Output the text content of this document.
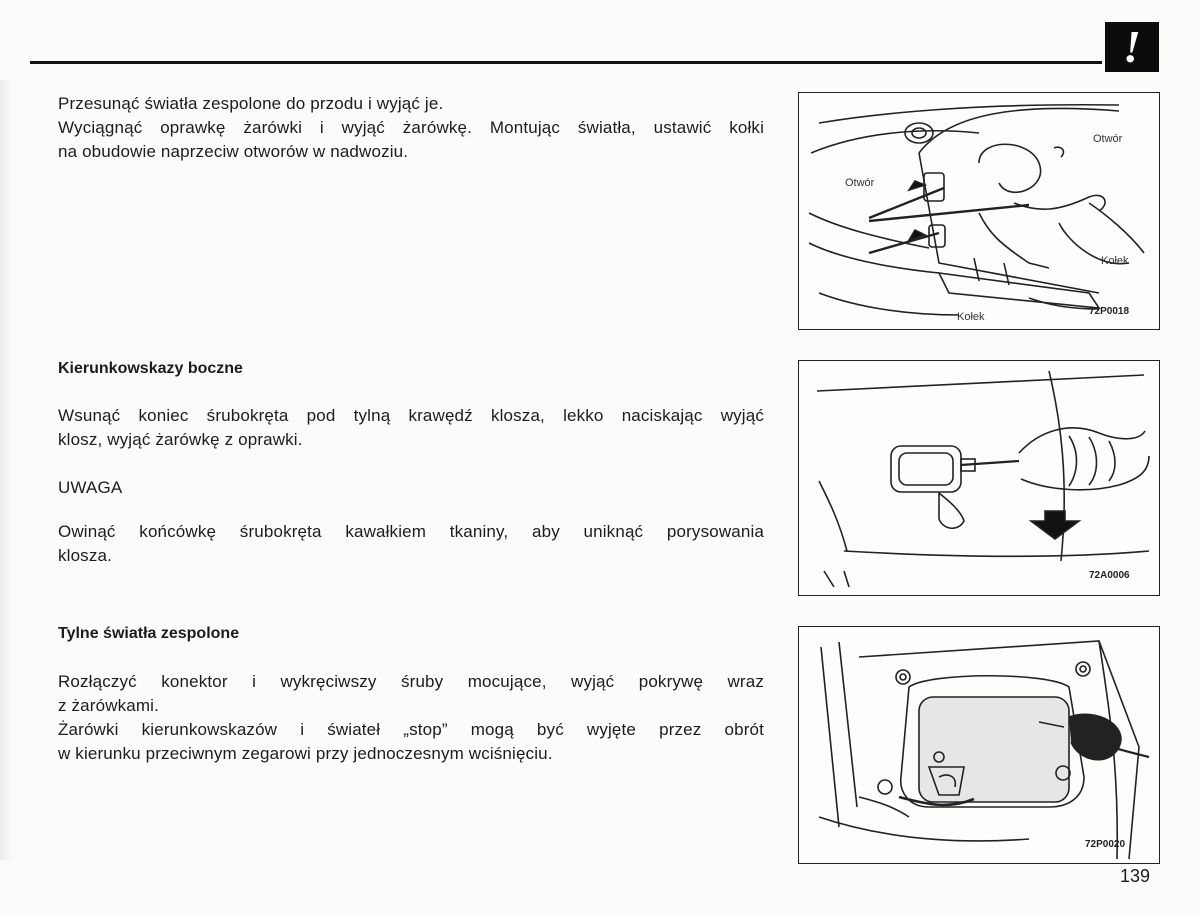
!
Przesunąć światła zespolone do przodu i wyjąć je.
Wyciągnąć oprawkę żarówki i wyjąć żarówkę. Montując światła, ustawić kołki
na obudowie naprzeciw otworów w nadwoziu.
Kierunkowskazy boczne
Wsunąć koniec śrubokręta pod tylną krawędź klosza, lekko naciskając wyjąć
klosz, wyjąć żarówkę z oprawki.
UWAGA
Owinąć końcówkę śrubokręta kawałkiem tkaniny, aby uniknąć porysowania
klosza.
Tylne światła zespolone
Rozłączyć konektor i wykręciwszy śruby mocujące, wyjąć pokrywę wraz
z żarówkami.
Żarówki kierunkowskazów i świateł „stop” mogą być wyjęte przez obrót
w kierunku przeciwnym zegarowi przy jednoczesnym wciśnięciu.
Otwór
Otwór
Kołek
Kołek	72P0018
72A0006
72P0020
139
